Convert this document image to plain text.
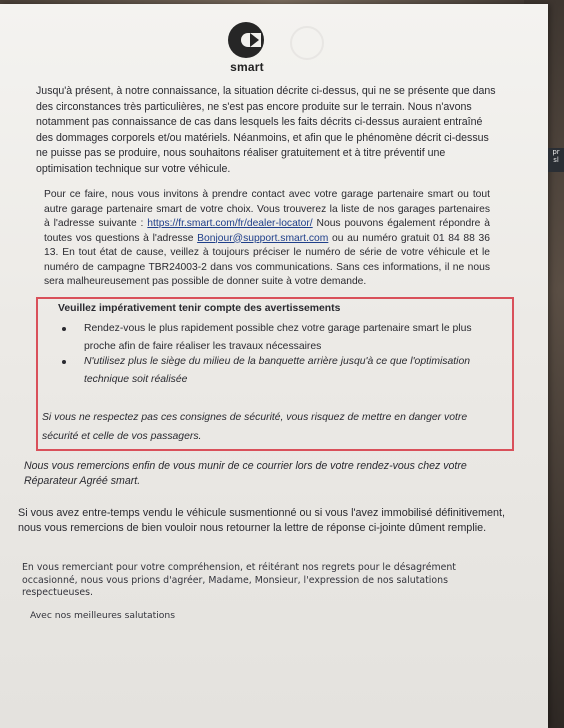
smart

Jusqu'à présent, à notre connaissance, la situation décrite ci-dessus, qui ne se présente que dans des circonstances très particulières, ne s'est pas encore produite sur le terrain. Nous n'avons notamment pas connaissance de cas dans lesquels les faits décrits ci-dessus auraient entraîné des dommages corporels et/ou matériels. Néanmoins, et afin que le phénomène décrit ci-dessus ne puisse pas se produire, nous souhaitons réaliser gratuitement et à titre préventif une optimisation technique sur votre véhicule.

Pour ce faire, nous vous invitons à prendre contact avec votre garage partenaire smart ou tout autre garage partenaire smart de votre choix. Vous trouverez la liste de nos garages partenaires à l'adresse suivante : https://fr.smart.com/fr/dealer-locator/ Nous pouvons également répondre à toutes vos questions à l'adresse Bonjour@support.smart.com ou au numéro gratuit 01 84 88 36 13. En tout état de cause, veillez à toujours préciser le numéro de série de votre véhicule et le numéro de campagne TBR24003-2 dans vos communications. Sans ces informations, il ne nous sera malheureusement pas possible de donner suite à votre demande.

Veuillez impérativement tenir compte des avertissements

Rendez-vous le plus rapidement possible chez votre garage partenaire smart le plus proche afin de faire réaliser les travaux nécessaires

N'utilisez plus le siège du milieu de la banquette arrière jusqu'à ce que l'optimisation technique soit réalisée

Si vous ne respectez pas ces consignes de sécurité, vous risquez de mettre en danger votre sécurité et celle de vos passagers.

Nous vous remercions enfin de vous munir de ce courrier lors de votre rendez-vous chez votre Réparateur Agréé smart.

Si vous avez entre-temps vendu le véhicule susmentionné ou si vous l'avez immobilisé définitivement, nous vous remercions de bien vouloir nous retourner la lettre de réponse ci-jointe dûment remplie.

En vous remerciant pour votre compréhension, et réitérant nos regrets pour le désagrément occasionné, nous vous prions d'agréer, Madame, Monsieur, l'expression de nos salutations respectueuses.

Avec nos meilleures salutations

pr
sl
